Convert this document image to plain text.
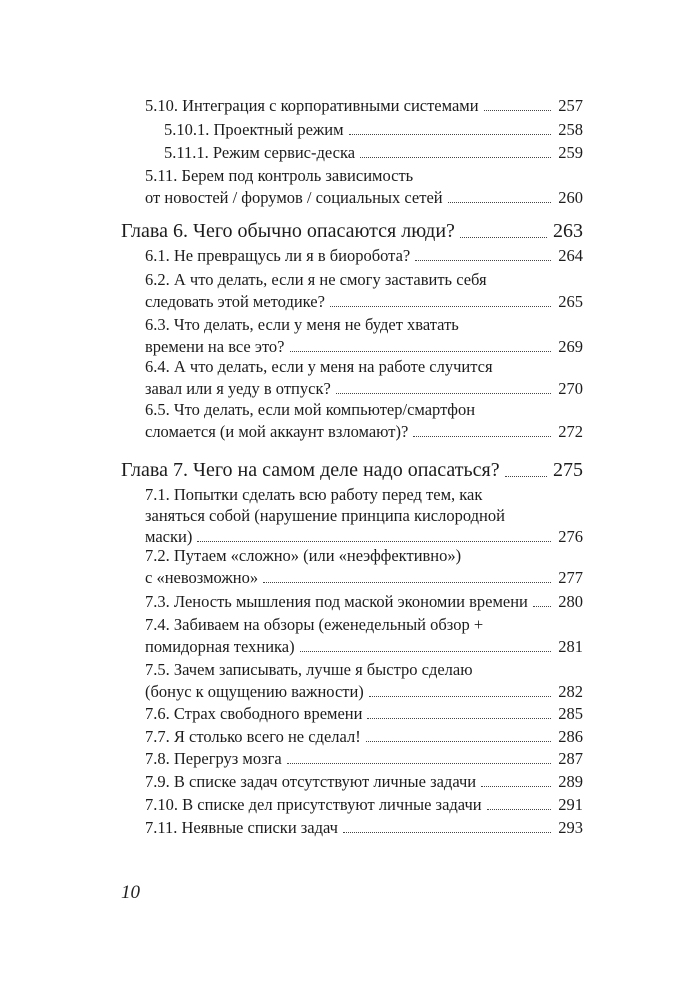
5.10. Интеграция с корпоративными системами	257
5.10.1. Проектный режим	258
5.11.1. Режим сервис-деска	259
5.11. Берем под контроль зависимость
от новостей / форумов / социальных сетей	260
Глава 6. Чего обычно опасаются люди?	263
6.1. Не превращусь ли я в биоробота?	264
6.2. А что делать, если я не смогу заставить себя
следовать этой методике?	265
6.3. Что делать, если у меня не будет хватать
времени на все это?	269
6.4. А что делать, если у меня на работе случится
завал или я уеду в отпуск?	270
6.5. Что делать, если мой компьютер/смартфон
сломается (и мой аккаунт взломают)?	272
Глава 7. Чего на самом деле надо опасаться?	275
7.1. Попытки сделать всю работу перед тем, как
заняться собой (нарушение принципа кислородной
маски)	276
7.2. Путаем «сложно» (или «неэффективно»)
с «невозможно»	277
7.3. Леность мышления под маской экономии времени 280
7.4. Забиваем на обзоры (еженедельный обзор +
помидорная техника)	281
7.5. Зачем записывать, лучше я быстро сделаю
(бонус к ощущению важности)	282
7.6. Страх свободного времени	285
7.7. Я столько всего не сделал!	286
7.8. Перегруз мозга	287
7.9. В списке задач отсутствуют личные задачи	289
7.10. В списке дел присутствуют личные задачи	291
7.11. Неявные списки задач	293
10
